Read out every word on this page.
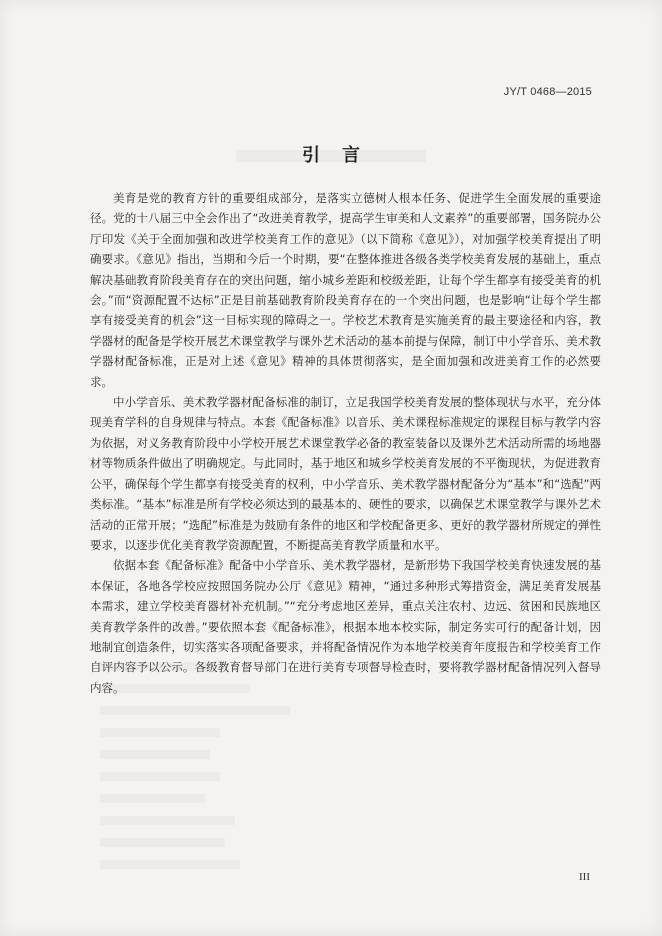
JY/T 0468—2015
引言

美育是党的教育方针的重要组成部分，是落实立德树人根本任务、促进学生全面发展的重要途径。党的十八届三中全会作出了“改进美育教学，提高学生审美和人文素养”的重要部署，国务院办公厅印发《关于全面加强和改进学校美育工作的意见》（以下简称《意见》），对加强学校美育提出了明确要求。《意见》指出，当期和今后一个时期，要“在整体推进各级各类学校美育发展的基础上，重点解决基础教育阶段美育存在的突出问题，缩小城乡差距和校级差距，让每个学生都享有接受美育的机会。”而“资源配置不达标”正是目前基础教育阶段美育存在的一个突出问题，也是影响“让每个学生都享有接受美育的机会”这一目标实现的障碍之一。学校艺术教育是实施美育的最主要途径和内容，教学器材的配备是学校开展艺术课堂教学与课外艺术活动的基本前提与保障，制订中小学音乐、美术教学器材配备标准，正是对上述《意见》精神的具体贯彻落实，是全面加强和改进美育工作的必然要求。

中小学音乐、美术教学器材配备标准的制订，立足我国学校美育发展的整体现状与水平，充分体现美育学科的自身规律与特点。本套《配备标准》以音乐、美术课程标准规定的课程目标与教学内容为依据，对义务教育阶段中小学校开展艺术课堂教学必备的教室装备以及课外艺术活动所需的场地器材等物质条件做出了明确规定。与此同时，基于地区和城乡学校美育发展的不平衡现状，为促进教育公平，确保每个学生都享有接受美育的权利，中小学音乐、美术教学器材配备分为“基本”和“选配”两类标准。“基本”标准是所有学校必须达到的最基本的、硬性的要求，以确保艺术课堂教学与课外艺术活动的正常开展；“选配”标准是为鼓励有条件的地区和学校配备更多、更好的教学器材所规定的弹性要求，以逐步优化美育教学资源配置，不断提高美育教学质量和水平。

依据本套《配备标准》配备中小学音乐、美术教学器材，是新形势下我国学校美育快速发展的基本保证，各地各学校应按照国务院办公厅《意见》精神，“通过多种形式筹措资金，满足美育发展基本需求，建立学校美育器材补充机制。”“充分考虑地区差异，重点关注农村、边远、贫困和民族地区美育教学条件的改善。”要依照本套《配备标准》，根据本地本校实际，制定务实可行的配备计划，因地制宜创造条件，切实落实各项配备要求，并将配备情况作为本地学校美育年度报告和学校美育工作自评内容予以公示。各级教育督导部门在进行美育专项督导检查时，要将教学器材配备情况列入督导内容。

III
